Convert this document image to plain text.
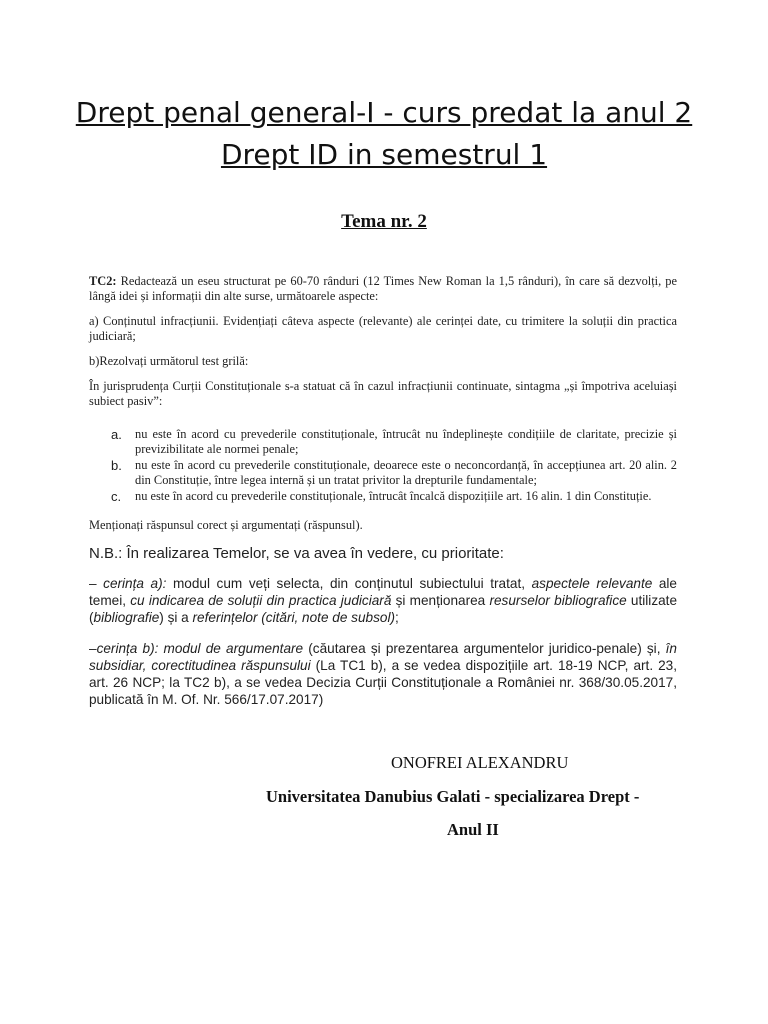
Drept penal general-I - curs predat la anul 2 Drept ID in semestrul 1
Tema nr. 2

TC2: Redactează un eseu structurat pe 60-70 rânduri (12 Times New Roman la 1,5 rânduri), în care să dezvolți, pe lângă idei și informații din alte surse, următoarele aspecte:

a) Conținutul infracțiunii. Evidențiați câteva aspecte (relevante) ale cerinței date, cu trimitere la soluții din practica judiciară;

b)Rezolvați următorul test grilă:

În jurisprudența Curții Constituționale s-a statuat că în cazul infracțiunii continuate, sintagma „și împotriva aceluiași subiect pasiv”:

a. nu este în acord cu prevederile constituționale, întrucât nu îndeplinește condițiile de claritate, precizie și previzibilitate ale normei penale;
b. nu este în acord cu prevederile constituționale, deoarece este o neconcordanță, în accepțiunea art. 20 alin. 2 din Constituție, între legea internă și un tratat privitor la drepturile fundamentale;
c. nu este în acord cu prevederile constituționale, întrucât încalcă dispozițiile art. 16 alin. 1 din Constituție.

Menționați răspunsul corect și argumentați (răspunsul).

N.B.: În realizarea Temelor, se va avea în vedere, cu prioritate:
– cerința a): modul cum veți selecta, din conținutul subiectului tratat, aspectele relevante ale temei, cu indicarea de soluții din practica judiciară și menționarea resurselor bibliografice utilizate (bibliografie) și a referințelor (citări, note de subsol);
–cerința b): modul de argumentare (căutarea și prezentarea argumentelor juridico-penale) și, în subsidiar, corectitudinea răspunsului (La TC1 b), a se vedea dispozițiile art. 18-19 NCP, art. 23, art. 26 NCP; la TC2 b), a se vedea Decizia Curții Constituționale a României nr. 368/30.05.2017, publicată în M. Of. Nr. 566/17.07.2017)
ONOFREI ALEXANDRU
Universitatea Danubius Galati - specializarea Drept -
Anul II
